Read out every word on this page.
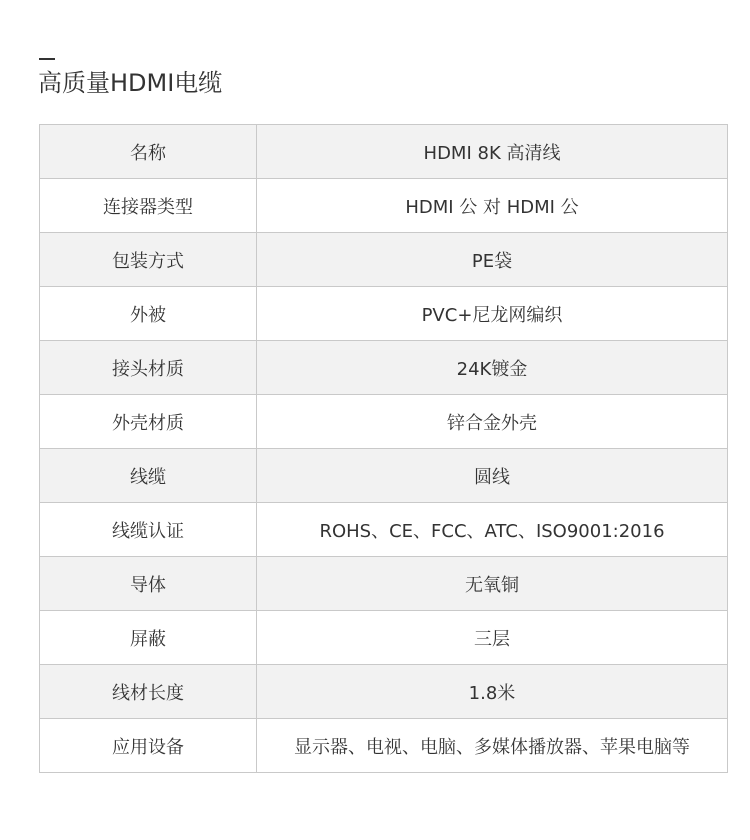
高质量HDMI电缆
名称	HDMI 8K 高清线
连接器类型	HDMI 公 对 HDMI 公
包装方式	PE袋
外被	PVC+尼龙网编织
接头材质	24K镀金
外壳材质	锌合金外壳
线缆	圆线
线缆认证	ROHS、CE、FCC、ATC、ISO9001:2016
导体	无氧铜
屏蔽	三层
线材长度	1.8米
应用设备	显示器、电视、电脑、多媒体播放器、苹果电脑等
